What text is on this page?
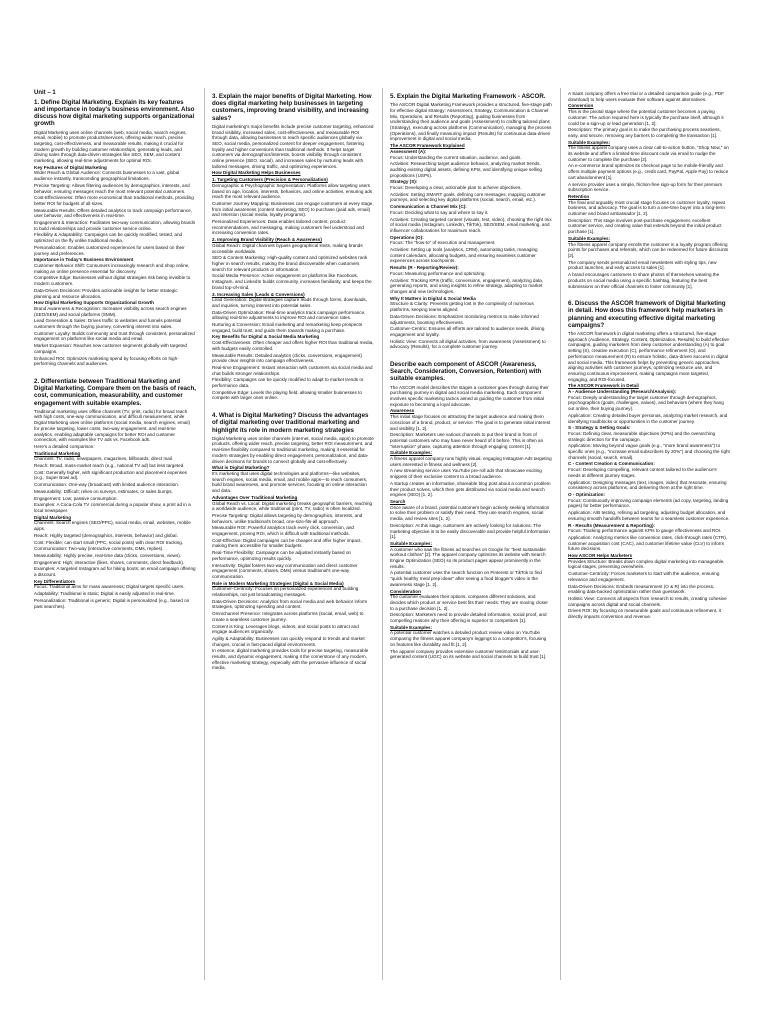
Unit – 1
1. Define Digital Marketing. Explain its key features and importance in today's business environment. Also discuss how digital marketing supports organizational growth

Digital Marketing uses online channels (web, social media, search engines, email, mobile) to promote products/services, offering wider reach, precise targeting, cost-effectiveness, and measurable results, making it crucial for modern growth by building customer relationships, generating leads, and driving sales through data-driven strategies like SEO, SEM, and content marketing, allowing real-time adjustments for optimal ROI.

Key Features of Digital Marketing

Wider Reach & Global Audience: Connects businesses to a vast, global audience instantly, transcending geographical limitations.

Precise Targeting: Allows filtering audiences by demographics, interests, and behavior, ensuring messages reach the most relevant potential customers.

Cost-Effectiveness: Often more economical than traditional methods, providing better ROI for budgets of all sizes.

Measurable Results: Offers detailed analytics to track campaign performance, user behavior, and effectiveness in real-time.

Engagement & Interaction: Facilitates two-way communication, allowing brands to build relationships and provide customer service online.

Flexibility & Adaptability: Campaigns can be quickly modified, tested, and optimized on the fly unlike traditional media.

Personalization: Enables customized experiences for users based on their journey and preferences.

Importance in Today's Business Environment

Customer Behavior Shift: Consumers increasingly research and shop online, making an online presence essential for discovery.

Competitive Edge: Businesses without digital strategies risk being invisible to modern customers.

Data-Driven Decisions: Provides actionable insights for better strategic planning and resource allocation.

How Digital Marketing Supports Organizational Growth

Brand Awareness & Recognition: Increases visibility across search engines (SEO/SEM) and social platforms (SMM).

Lead Generation & Sales: Drives traffic to websites and funnels potential customers through the buying journey, converting interest into sales.

Customer Loyalty: Builds community and trust through consistent, personalized engagement on platforms like social media and email.

Market Expansion: Reaches new customer segments globally with targeted campaigns.

Enhanced ROI: Optimizes marketing spend by focusing efforts on high-performing channels and audiences.

2. Differentiate between Traditional Marketing and Digital Marketing. Compare them on the basis of reach, cost, communication, measurability, and customer engagement with suitable examples.

Traditional marketing uses offline channels (TV, print, radio) for broad reach with high costs, one-way communication, and difficult measurement, while Digital Marketing uses online platforms (social media, search engines, email) for precise targeting, lower costs, two-way engagement, and real-time analytics, enabling adaptable campaigns for better ROI and customer connection, with examples like TV ads vs. Facebook ads.

Here's a detailed comparison:

Traditional Marketing

Channels: TV, radio, newspapers, magazines, billboards, direct mail.

Reach: Broad, mass-market reach (e.g., national TV ad) but less targeted.

Cost: Generally higher, with significant production and placement expenses (e.g., Super Bowl ad).

Communication: One-way (broadcast) with limited audience interaction.

Measurability: Difficult; relies on surveys, estimates, or sales bumps.

Engagement: Low; passive consumption.

Examples: A Coca-Cola TV commercial during a popular show, a print ad in a local newspaper.

Digital Marketing

Channels: Search engines (SEO/PPC), social media, email, websites, mobile apps.

Reach: Highly targeted (demographics, interests, behavior) and global.

Cost: Flexible; can start small (PPC, social posts) with clear ROI tracking.

Communication: Two-way (interactive comments, DMs, replies).

Measurability: Highly precise, real-time data (clicks, conversions, views).

Engagement: High; interactive (likes, shares, comments, direct feedback).

Examples: A targeted Instagram ad for hiking boots; an email campaign offering a discount.

Key Differentiators

Focus: Traditional aims for mass awareness; Digital targets specific users.

Adaptability: Traditional is static; Digital is easily adjusted in real-time.

Personalization: Traditional is generic; Digital is personalized (e.g., based on past searches).

3. Explain the major benefits of Digital Marketing. How does digital marketing help businesses in targeting customers, improving brand visibility, and increasing sales?

Digital marketing's major benefits include precise customer targeting, enhanced brand visibility, increased sales, cost-effectiveness, and measurable ROI through data, allowing businesses to reach specific audiences globally via SEO, social media, personalized content for deeper engagement, fostering loyalty and higher conversions than traditional methods. It helps target customers via demographics/interests, boosts visibility through consistent online presence (SEO, social), and increases sales by nurturing leads with tailored messages, driving traffic, and optimizing experiences.

How Digital Marketing Helps Businesses
1. Targeting Customers (Precision & Personalization)

Demographic & Psychographic Segmentation: Platforms allow targeting users based on age, location, interests, behaviors, and online activities, ensuring ads reach the most relevant audience.

Customer Journey Mapping: Businesses can engage customers at every stage, from initial awareness (content marketing, SEO) to purchase (paid ads, email) and retention (social media, loyalty programs).

Personalized Experiences: Data enables tailored content, product recommendations, and messaging, making customers feel understood and increasing conversion rates.

2. Improving Brand Visibility (Reach & Awareness)

Global Reach: Digital channels bypass geographical limits, making brands accessible worldwide.

SEO & Content Marketing: High-quality content and optimized websites rank higher in search results, making the brand discoverable when customers search for relevant products or information.

Social Media Presence: Active engagement on platforms like Facebook, Instagram, and LinkedIn builds community, increases familiarity, and keeps the brand top-of-mind.

3. Increasing Sales (Leads & Conversions)

Lead Generation: Digital strategies capture leads through forms, downloads, and inquiries, turning interest into potential sales.

Data-Driven Optimization: Real-time analytics track campaign performance, allowing real-time adjustments to improve ROI and conversion rates.

Nurturing & Conversion: Email marketing and remarketing keep prospects engaged, build trust, and guide them towards making a purchase.

Key Benefits for Digital & Social Media Marketing

Cost-Effectiveness: Often cheaper and offers higher ROI than traditional media, with budgets easily controlled.

Measurable Results: Detailed analytics (clicks, conversions, engagement) provide clear insights into campaign effectiveness.

Real-time Engagement: Instant interaction with customers via social media and chat builds stronger relationships.

Flexibility: Campaigns can be quickly modified to adapt to market trends or performance data.

Competitive Edge: Levels the playing field, allowing smaller businesses to compete with larger ones online.

4. What is Digital Marketing? Discuss the advantages of digital marketing over traditional marketing and highlight its role in modern marketing strategies

Digital Marketing uses online channels (internet, social media, apps) to promote products, offering wider reach, precise targeting, better ROI measurement, and real-time flexibility compared to traditional marketing, making it essential for modern strategies by enabling direct engagement, personalization, and data-driven decisions for brands to connect globally and cost-effectively.

What is Digital Marketing?

It's marketing that uses digital technologies and platforms—like websites, search engines, social media, email, and mobile apps—to reach consumers, build brand awareness, and promote services, focusing on online interaction and data.

Advantages Over Traditional Marketing

Global Reach vs. Local: Digital marketing breaks geographic barriers, reaching a worldwide audience, while traditional (print, TV, radio) is often localized.

Precise Targeting: Digital allows targeting by demographics, interests, and behaviors, unlike traditional's broad, one-size-fits-all approach.

Measurable ROI: Powerful analytics track every click, conversion, and engagement, proving ROI, which is difficult with traditional methods.

Cost-Effective: Digital campaigns can be cheaper and offer higher impact, making them accessible for smaller budgets.

Real-Time Flexibility: Campaigns can be adjusted instantly based on performance, optimizing results quickly.

Interactivity: Digital fosters two-way communication and direct customer engagement (comments, shares, DMs) versus traditional's one-way communication.

Role in Modern Marketing Strategies (Digital & Social Media)

Customer-Centricity: Focuses on personalized experiences and building relationships, not just broadcasting messages.

Data-Driven Decisions: Analytics from social media and web behavior inform strategies, optimizing spending and content.

Omnichannel Presence: Integrates across platforms (social, email, web) to create a seamless customer journey.

Content is King: Leverages blogs, videos, and social posts to attract and engage audiences organically.

Agility & Adaptability: Businesses can quickly respond to trends and market changes, crucial in fast-paced digital environments.

In essence, digital marketing provides tools for precise targeting, measurable results, and dynamic engagement, making it the cornerstone of any modern, effective marketing strategy, especially with the pervasive influence of social media.

5. Explain the Digital Marketing Framework - ASCOR.

The ASCOR Digital Marketing Framework provides a structured, five-stage path for effective digital strategy: Assessment, Strategy, Communication & Channel Mix, Operations, and Results (Reporting), guiding businesses from understanding their audience and goals (Assessment) to crafting tailored plans (Strategy), executing across platforms (Communication), managing the process (Operations), and finally measuring impact (Results) for continuous data-driven improvement in digital and social media.

The ASCOR Framework Explained
Assessment (A):

Focus: Understanding the current situation, audience, and goals.

Activities: Researching target audience behavior, analyzing market trends, auditing existing digital assets, defining KPIs, and identifying unique selling propositions (USPs).

Strategy (S):

Focus: Developing a clear, actionable plan to achieve objectives.

Activities: Setting SMART goals, defining core messages, mapping customer journeys, and selecting key digital platforms (social, search, email, etc.).

Communication & Channel Mix (C):

Focus: Deciding what to say and where to say it.

Activities: Creating targeted content (visuals, text, video), choosing the right mix of social media (Instagram, LinkedIn, TikTok), SEO/SEM, email marketing, and influencer collaborations for maximum reach.

Operations (O):

Focus: The "how-to" of execution and management.

Activities: Setting up tools (analytics, CRM), automating tasks, managing content calendars, allocating budgets, and ensuring seamless customer experiences across touchpoints.

Results (R - Reporting/Review):

Focus: Measuring performance and optimizing.

Activities: Tracking KPIs (traffic, conversions, engagement), analyzing data, generating reports, and using insights to refine strategy, adapting to market changes and new technologies.

Why It Matters in Digital & Social Media

Structure & Clarity: Prevents getting lost in the complexity of numerous platforms, keeping teams aligned.

Data-Driven Decisions: Emphasizes monitoring metrics to make informed adjustments, boosting effectiveness.

Customer-Centric: Ensures all efforts are tailored to audience needs, driving engagement and loyalty.

Holistic View: Connects all digital activities, from awareness (Assessment) to advocacy (Results), for a complete customer journey.

Describe each component of ASCOR (Awareness, Search, Consideration, Conversion, Retention) with suitable examples.

The ASCOR model describes the stages a customer goes through during their purchasing journey in digital and social media marketing. Each component involves specific marketing tactics aimed at guiding the customer from initial exposure to becoming a loyal advocate.

Awareness

This initial stage focuses on attracting the target audience and making them conscious of a brand, product, or service. The goal is to generate initial interest and visibility [1, 2].

Description: Marketers use various channels to put their brand in front of potential customers who may have never heard of it before. This is often an "interruption" phase, capturing attention through engaging content [1].

Suitable Examples:

A fitness apparel company runs highly visual, engaging Instagram Ads targeting users interested in fitness and wellness [2].

A new streaming service uses YouTube pre-roll ads that showcase exciting snippets of their exclusive content to a broad audience.

A startup creates an informative, shareable blog post about a common problem their product solves, which then gets distributed via social media and search engines (SEO) [1, 2].

Search

Once aware of a brand, potential customers begin actively seeking information to solve their problem or satisfy their need. They use search engines, social media, and review sites [1, 2].

Description: At this stage, customers are actively looking for solutions. The marketing objective is to be easily discoverable and provide helpful information [1].

Suitable Examples:

A customer who saw the fitness ad searches on Google for "best sustainable workout clothes" [2]. The apparel company optimizes its website with Search Engine Optimization (SEO) so its product pages appear prominently in the results.

A potential customer uses the search function on Pinterest or TikTok to find "quick healthy meal prep ideas" after seeing a food blogger's video in the awareness stage [1, 2].

Consideration

The customer evaluates their options, compares different solutions, and decides which product or service best fits their needs. They are moving closer to a purchase decision [1, 2].

Description: Marketers need to provide detailed information, social proof, and compelling reasons why their offering is superior to competitors [1].

Suitable Examples:

A potential customer watches a detailed product review video on YouTube comparing the fitness apparel company's leggings to a competitor's, focusing on features like durability and fit [1, 2].

The apparel company provides extensive customer testimonials and user-generated content (UGC) on its website and social channels to build trust [1].

A SaaS company offers a free trial or a detailed comparison guide (e.g., PDF download) to help users evaluate their software against alternatives.

Conversion

This is the pivotal stage where the potential customer becomes a paying customer. The action required here is typically the purchase itself, although it could be a sign-up or lead generation [1, 2].

Description: The primary goal is to make the purchasing process seamless, easy, and secure, removing any barriers to completing the transaction [1].

Suitable Examples:

The fitness apparel company uses a clear call-to-action button, "Shop Now," on its website and offers a limited-time discount code via email to nudge the customer to complete the purchase [2].

An e-commerce brand optimizes its checkout page to be mobile-friendly and offers multiple payment options (e.g., credit card, PayPal, Apple Pay) to reduce cart abandonment [1].

A service provider uses a simple, friction-free sign-up form for their premium subscription service.

Retention

The final and arguably most crucial stage focuses on customer loyalty, repeat business, and advocacy. The goal is to turn a one-time buyer into a long-term customer and brand ambassador [1, 2].

Description: This stage involves post-purchase engagement, excellent customer service, and creating value that extends beyond the initial product purchase [1].

Suitable Examples:

The fitness apparel company enrolls the customer in a loyalty program offering points for purchases and referrals, which can be redeemed for future discounts [2].

The company sends personalized email newsletters with styling tips, new product launches, and early access to sales [1].

A brand encourages customers to share photos of themselves wearing the products on social media using a specific hashtag, featuring the best submissions on their official channels to foster community [1].

6. Discuss the ASCOR framework of Digital Marketing in detail. How does this framework help marketers in planning and executing effective digital marketing campaigns?

The ASCOR framework in digital marketing offers a structured, five-stage approach (Audience, Strategy, Content, Optimization, Results) to build effective campaigns, guiding marketers from deep customer understanding (A) to goal setting (S), creative execution (C), performance refinement (O), and performance measurement (R) to ensure holistic, data-driven success in digital and social media. This framework helps by preventing generic approaches, aligning activities with customer journeys, optimizing resource use, and ensuring continuous improvement, making campaigns more targeted, engaging, and ROI-focused.

The ASCOR Framework in Detail
A - Audience Understanding (Research/Analysis):

Focus: Deeply understanding the target customer through demographics, psychographics (goals, challenges, values), and behaviors (where they hang out online, their buying journey).

Application: Creating detailed buyer personas, analyzing market research, and identifying roadblocks or opportunities in the customer journey.

S - Strategy & Setting Goals:

Focus: Defining clear, measurable objectives (KPIs) and the overarching strategic direction for the campaign.

Application: Moving beyond vague goals (e.g., "more brand awareness") to specific ones (e.g., "increase email subscribers by 20%") and choosing the right channels (social, search, email).

C - Content Creation & Communication:

Focus: Developing compelling, relevant content tailored to the audience's needs at different journey stages.

Application: Designing messages (text, images, video) that resonate, ensuring consistency across platforms, and delivering them at the right time.

O - Optimization:

Focus: Continuously improving campaign elements (ad copy, targeting, landing pages) for better performance.

Application: A/B testing, refining ad targeting, adjusting budget allocation, and ensuring smooth handoffs between teams for a seamless customer experience.

R - Results (Measurement & Reporting):

Focus: Tracking performance against KPIs to gauge effectiveness and ROI.

Application: Analyzing metrics like conversion rates, click-through rates (CTR), customer acquisition cost (CAC), and customer lifetime value (CLV) to inform future decisions.

How ASCOR Helps Marketers

Provides Structure: Breaks down complex digital marketing into manageable, logical stages, preventing overwhelm.

Customer-Centricity: Forces marketers to start with the audience, ensuring relevance and engagement.

Data-Driven Decisions: Embeds measurement (O & R) into the process, enabling data-backed optimization rather than guesswork.

Holistic View: Connects all aspects from research to results, creating cohesive campaigns across digital and social channels.

Drives ROI: By focusing on measurable goals and continuous refinement, it directly impacts conversion and revenue.
